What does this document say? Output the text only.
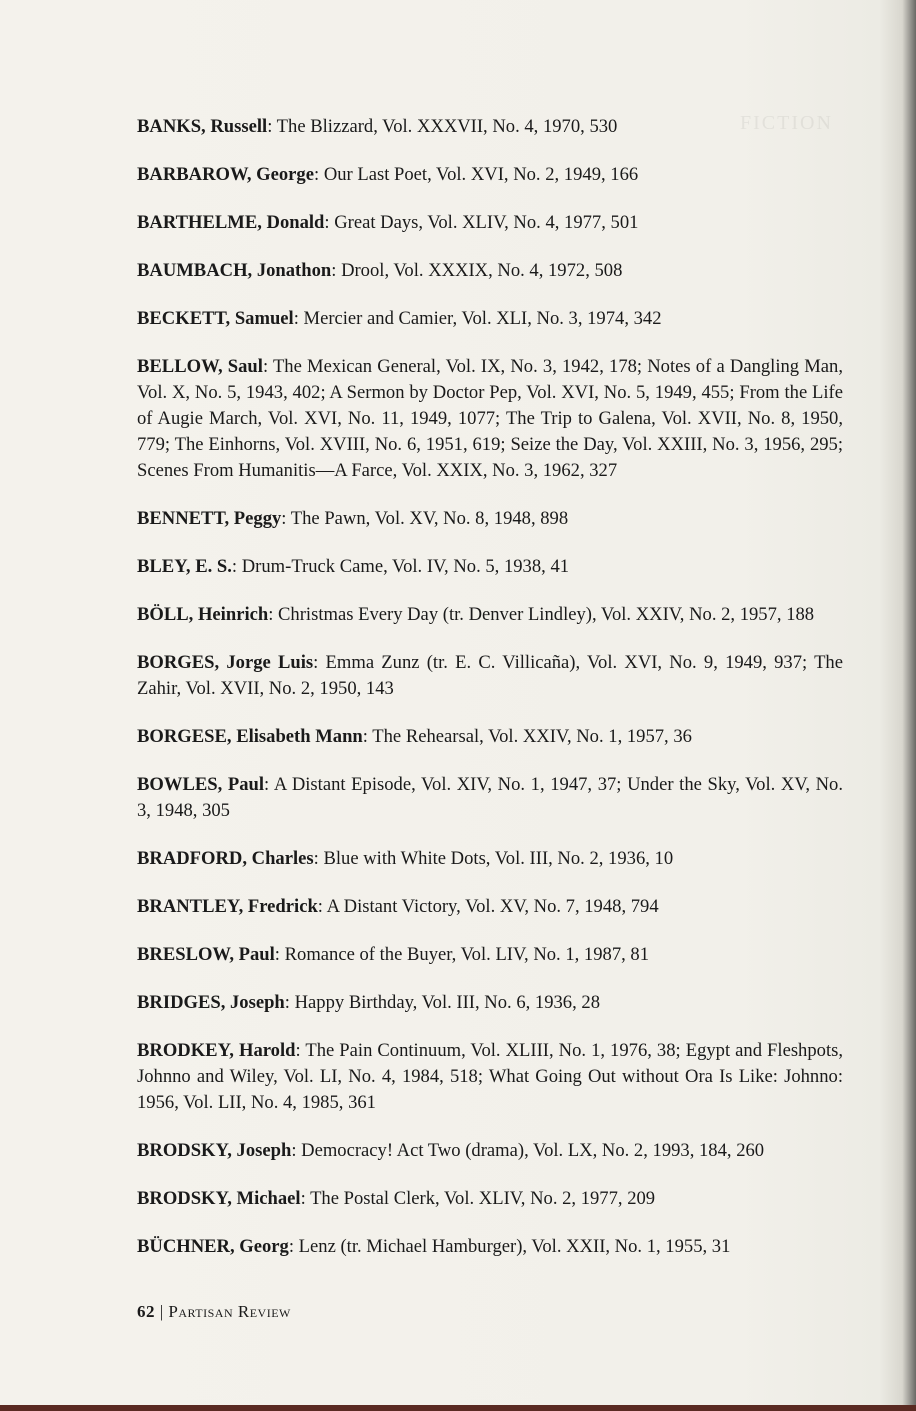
FICTION

BANKS, Russell: The Blizzard, Vol. XXXVII, No. 4, 1970, 530

BARBAROW, George: Our Last Poet, Vol. XVI, No. 2, 1949, 166

BARTHELME, Donald: Great Days, Vol. XLIV, No. 4, 1977, 501

BAUMBACH, Jonathon: Drool, Vol. XXXIX, No. 4, 1972, 508

BECKETT, Samuel: Mercier and Camier, Vol. XLI, No. 3, 1974, 342

BELLOW, Saul: The Mexican General, Vol. IX, No. 3, 1942, 178; Notes of a Dangling Man, Vol. X, No. 5, 1943, 402; A Sermon by Doctor Pep, Vol. XVI, No. 5, 1949, 455; From the Life of Augie March, Vol. XVI, No. 11, 1949, 1077; The Trip to Galena, Vol. XVII, No. 8, 1950, 779; The Einhorns, Vol. XVIII, No. 6, 1951, 619; Seize the Day, Vol. XXIII, No. 3, 1956, 295; Scenes From Humanitis—A Farce, Vol. XXIX, No. 3, 1962, 327

BENNETT, Peggy: The Pawn, Vol. XV, No. 8, 1948, 898

BLEY, E. S.: Drum-Truck Came, Vol. IV, No. 5, 1938, 41

BÖLL, Heinrich: Christmas Every Day (tr. Denver Lindley), Vol. XXIV, No. 2, 1957, 188

BORGES, Jorge Luis: Emma Zunz (tr. E. C. Villicaña), Vol. XVI, No. 9, 1949, 937; The Zahir, Vol. XVII, No. 2, 1950, 143

BORGESE, Elisabeth Mann: The Rehearsal, Vol. XXIV, No. 1, 1957, 36

BOWLES, Paul: A Distant Episode, Vol. XIV, No. 1, 1947, 37; Under the Sky, Vol. XV, No. 3, 1948, 305

BRADFORD, Charles: Blue with White Dots, Vol. III, No. 2, 1936, 10

BRANTLEY, Fredrick: A Distant Victory, Vol. XV, No. 7, 1948, 794

BRESLOW, Paul: Romance of the Buyer, Vol. LIV, No. 1, 1987, 81

BRIDGES, Joseph: Happy Birthday, Vol. III, No. 6, 1936, 28

BRODKEY, Harold: The Pain Continuum, Vol. XLIII, No. 1, 1976, 38; Egypt and Fleshpots, Johnno and Wiley, Vol. LI, No. 4, 1984, 518; What Going Out without Ora Is Like: Johnno: 1956, Vol. LII, No. 4, 1985, 361

BRODSKY, Joseph: Democracy! Act Two (drama), Vol. LX, No. 2, 1993, 184, 260

BRODSKY, Michael: The Postal Clerk, Vol. XLIV, No. 2, 1977, 209

BÜCHNER, Georg: Lenz (tr. Michael Hamburger), Vol. XXII, No. 1, 1955, 31

62 | Partisan Review
